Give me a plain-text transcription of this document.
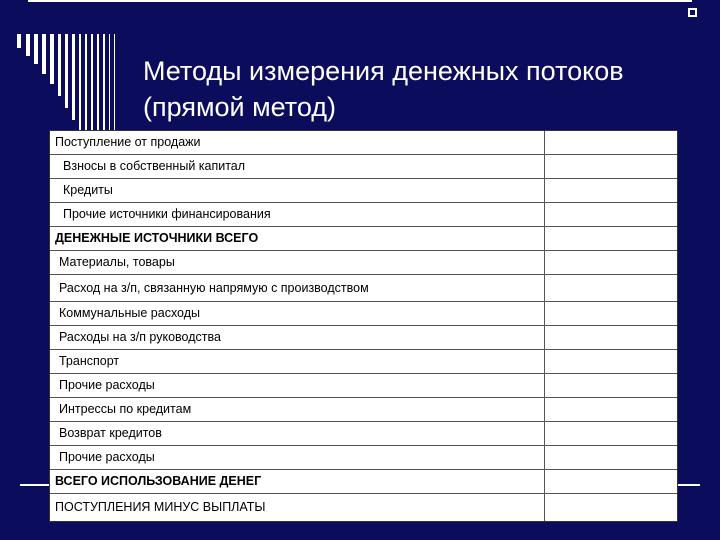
Методы измерения денежных потоков
(прямой метод)
Поступление от продажи
Взносы в собственный капитал
Кредиты
Прочие источники финансирования
ДЕНЕЖНЫЕ ИСТОЧНИКИ ВСЕГО
Материалы, товары
Расход на з/п, связанную напрямую с производством
Коммунальные расходы
Расходы на з/п руководства
Транспорт
Прочие расходы
Интрессы по кредитам
Возврат кредитов
Прочие расходы
ВСЕГО ИСПОЛЬЗОВАНИЕ ДЕНЕГ
ПОСТУПЛЕНИЯ МИНУС ВЫПЛАТЫ
